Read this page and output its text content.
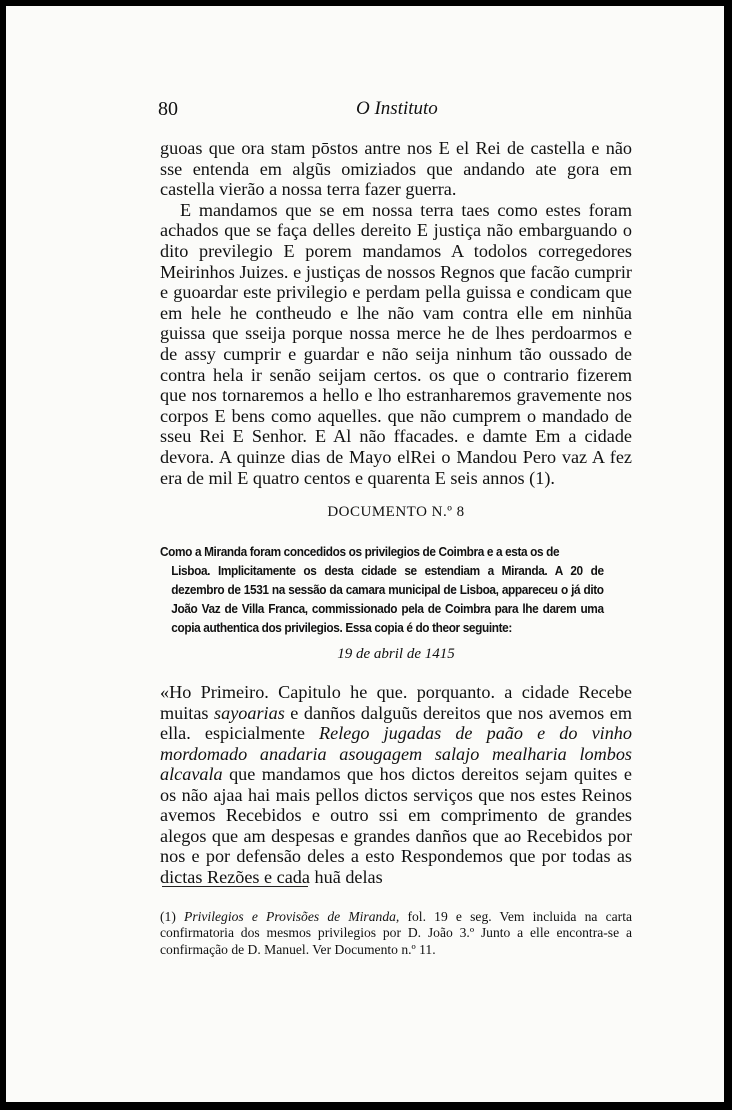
80	O Instituto

guoas que ora stam pōstos antre nos E el Rei de castella e não sse entenda em algũs omiziados que andando ate gora em castella vierão a nossa terra fazer guerra.

E mandamos que se em nossa terra taes como estes foram achados que se faça delles dereito E justiça não embarguando o dito previlegio E porem mandamos A todolos corregedores Meirinhos Juizes. e justiças de nossos Regnos que facão cumprir e guoardar este privilegio e perdam pella guissa e condicam que em hele he contheudo e lhe não vam contra elle em ninhũa guissa que sseija porque nossa merce he de lhes perdoarmos e de assy cumprir e guardar e não seija ninhum tão oussado de contra hela ir senão seijam certos. os que o contrario fizerem que nos tornaremos a hello e lho estranharemos gravemente nos corpos E bens como aquelles. que não cumprem o mandado de sseu Rei E Senhor. E Al não ffacades. e damte Em a cidade devora. A quinze dias de Mayo elRei o Mandou Pero vaz A fez era de mil E quatro centos e quarenta E seis annos (1).

DOCUMENTO N.º 8
Como a Miranda foram concedidos os privilegios de Coimbra e a esta os de
Lisboa. Implicitamente os desta cidade se estendiam a Miranda. A 20 de dezembro de 1531 na sessão da camara municipal de Lisboa, appareceu o já dito João Vaz de Villa Franca, commissionado pela de Coimbra para lhe darem uma copia authentica dos privilegios. Essa copia é do theor seguinte:
19 de abril de 1415

«Ho Primeiro. Capitulo he que. porquanto. a cidade Recebe muitas sayoarias e danños dalguũs dereitos que nos avemos em ella. espicialmente Relego jugadas de paão e do vinho mordomado anadaria asougagem salajo mealharia lombos alcavala que mandamos que hos dictos dereitos sejam quites e os não ajaa hai mais pellos dictos serviços que nos estes Reinos avemos Recebidos e outro ssi em comprimento de grandes alegos que am despesas e grandes danños que ao Recebidos por nos e por defensão deles a esto Respondemos que por todas as dictas Rezões e cada huã delas

(1) Privilegios e Provisões de Miranda, fol. 19 e seg. Vem incluida na carta confirmatoria dos mesmos privilegios por D. João 3.º Junto a elle encontra-se a confirmação de D. Manuel. Ver Documento n.º 11.
